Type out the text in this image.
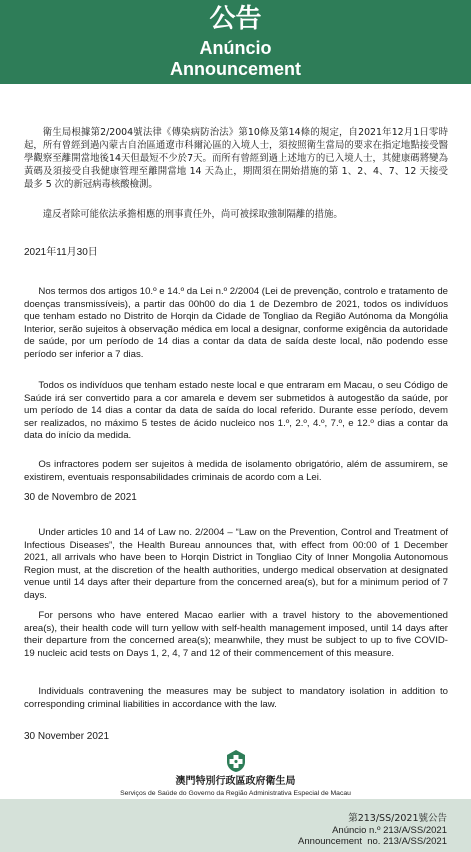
公告
Anúncio
Announcement

衛生局根據第2/2004號法律《傳染病防治法》第10條及第14條的規定，自2021年12月1日零時起，所有曾經到過內蒙古自治區通遼市科爾沁區的入境人士，須按照衛生當局的要求在指定地點接受醫學觀察至離開當地後14天但最短不少於7天。而所有曾經到過上述地方的已入境人士，其健康碼將變為黃碼及須接受自我健康管理至離開當地 14 天為止，期間須在開始措施的第 1、2、4、7、12 天接受最多 5 次的新冠病毒核酸檢測。

違反者除可能依法承擔相應的刑事責任外，尚可被採取強制隔離的措施。

2021年11月30日

Nos termos dos artigos 10.º e 14.º da Lei n.º 2/2004 (Lei de prevenção, controlo e tratamento de doenças transmissíveis), a partir das 00h00 do dia 1 de Dezembro de 2021, todos os indivíduos que tenham estado no Distrito de Horqin da Cidade de Tongliao da Região Autónoma da Mongólia Interior, serão sujeitos à observação médica em local a designar, conforme exigência da autoridade de saúde, por um período de 14 dias a contar da data de saída deste local, não podendo esse período ser inferior a 7 dias.

Todos os indivíduos que tenham estado neste local e que entraram em Macau, o seu Código de Saúde irá ser convertido para a cor amarela e devem ser submetidos à autogestão da saúde, por um período de 14 dias a contar da data de saída do local referido. Durante esse período, devem ser realizados, no máximo 5 testes de ácido nucleico nos 1.º, 2.º, 4.º, 7.º, e 12.º dias a contar da data do início da medida.

Os infractores podem ser sujeitos à medida de isolamento obrigatório, além de assumirem, se existirem, eventuais responsabilidades criminais de acordo com a Lei.

30 de Novembro de 2021

Under articles 10 and 14 of Law no. 2/2004 – “Law on the Prevention, Control and Treatment of Infectious Diseases”, the Health Bureau announces that, with effect from 00:00 of 1 December 2021, all arrivals who have been to Horqin District in Tongliao City of Inner Mongolia Autonomous Region must, at the discretion of the health authorities, undergo medical observation at designated venue until 14 days after their departure from the concerned area(s), but for a minimum period of 7 days.

For persons who have entered Macao earlier with a travel history to the abovementioned area(s), their health code will turn yellow with self-health management imposed, until 14 days after their departure from the concerned area(s); meanwhile, they must be subject to up to five COVID-19 nucleic acid tests on Days 1, 2, 4, 7 and 12 of their commencement of this measure.

Individuals contravening the measures may be subject to mandatory isolation in addition to corresponding criminal liabilities in accordance with the law.

30 November 2021

澳門特別行政區政府衛生局
Serviços de Saúde do Governo da Região Administrativa Especial de Macau
第213/SS/2021號公告
Anúncio n.º 213/A/SS/2021
Announcement  no. 213/A/SS/2021
